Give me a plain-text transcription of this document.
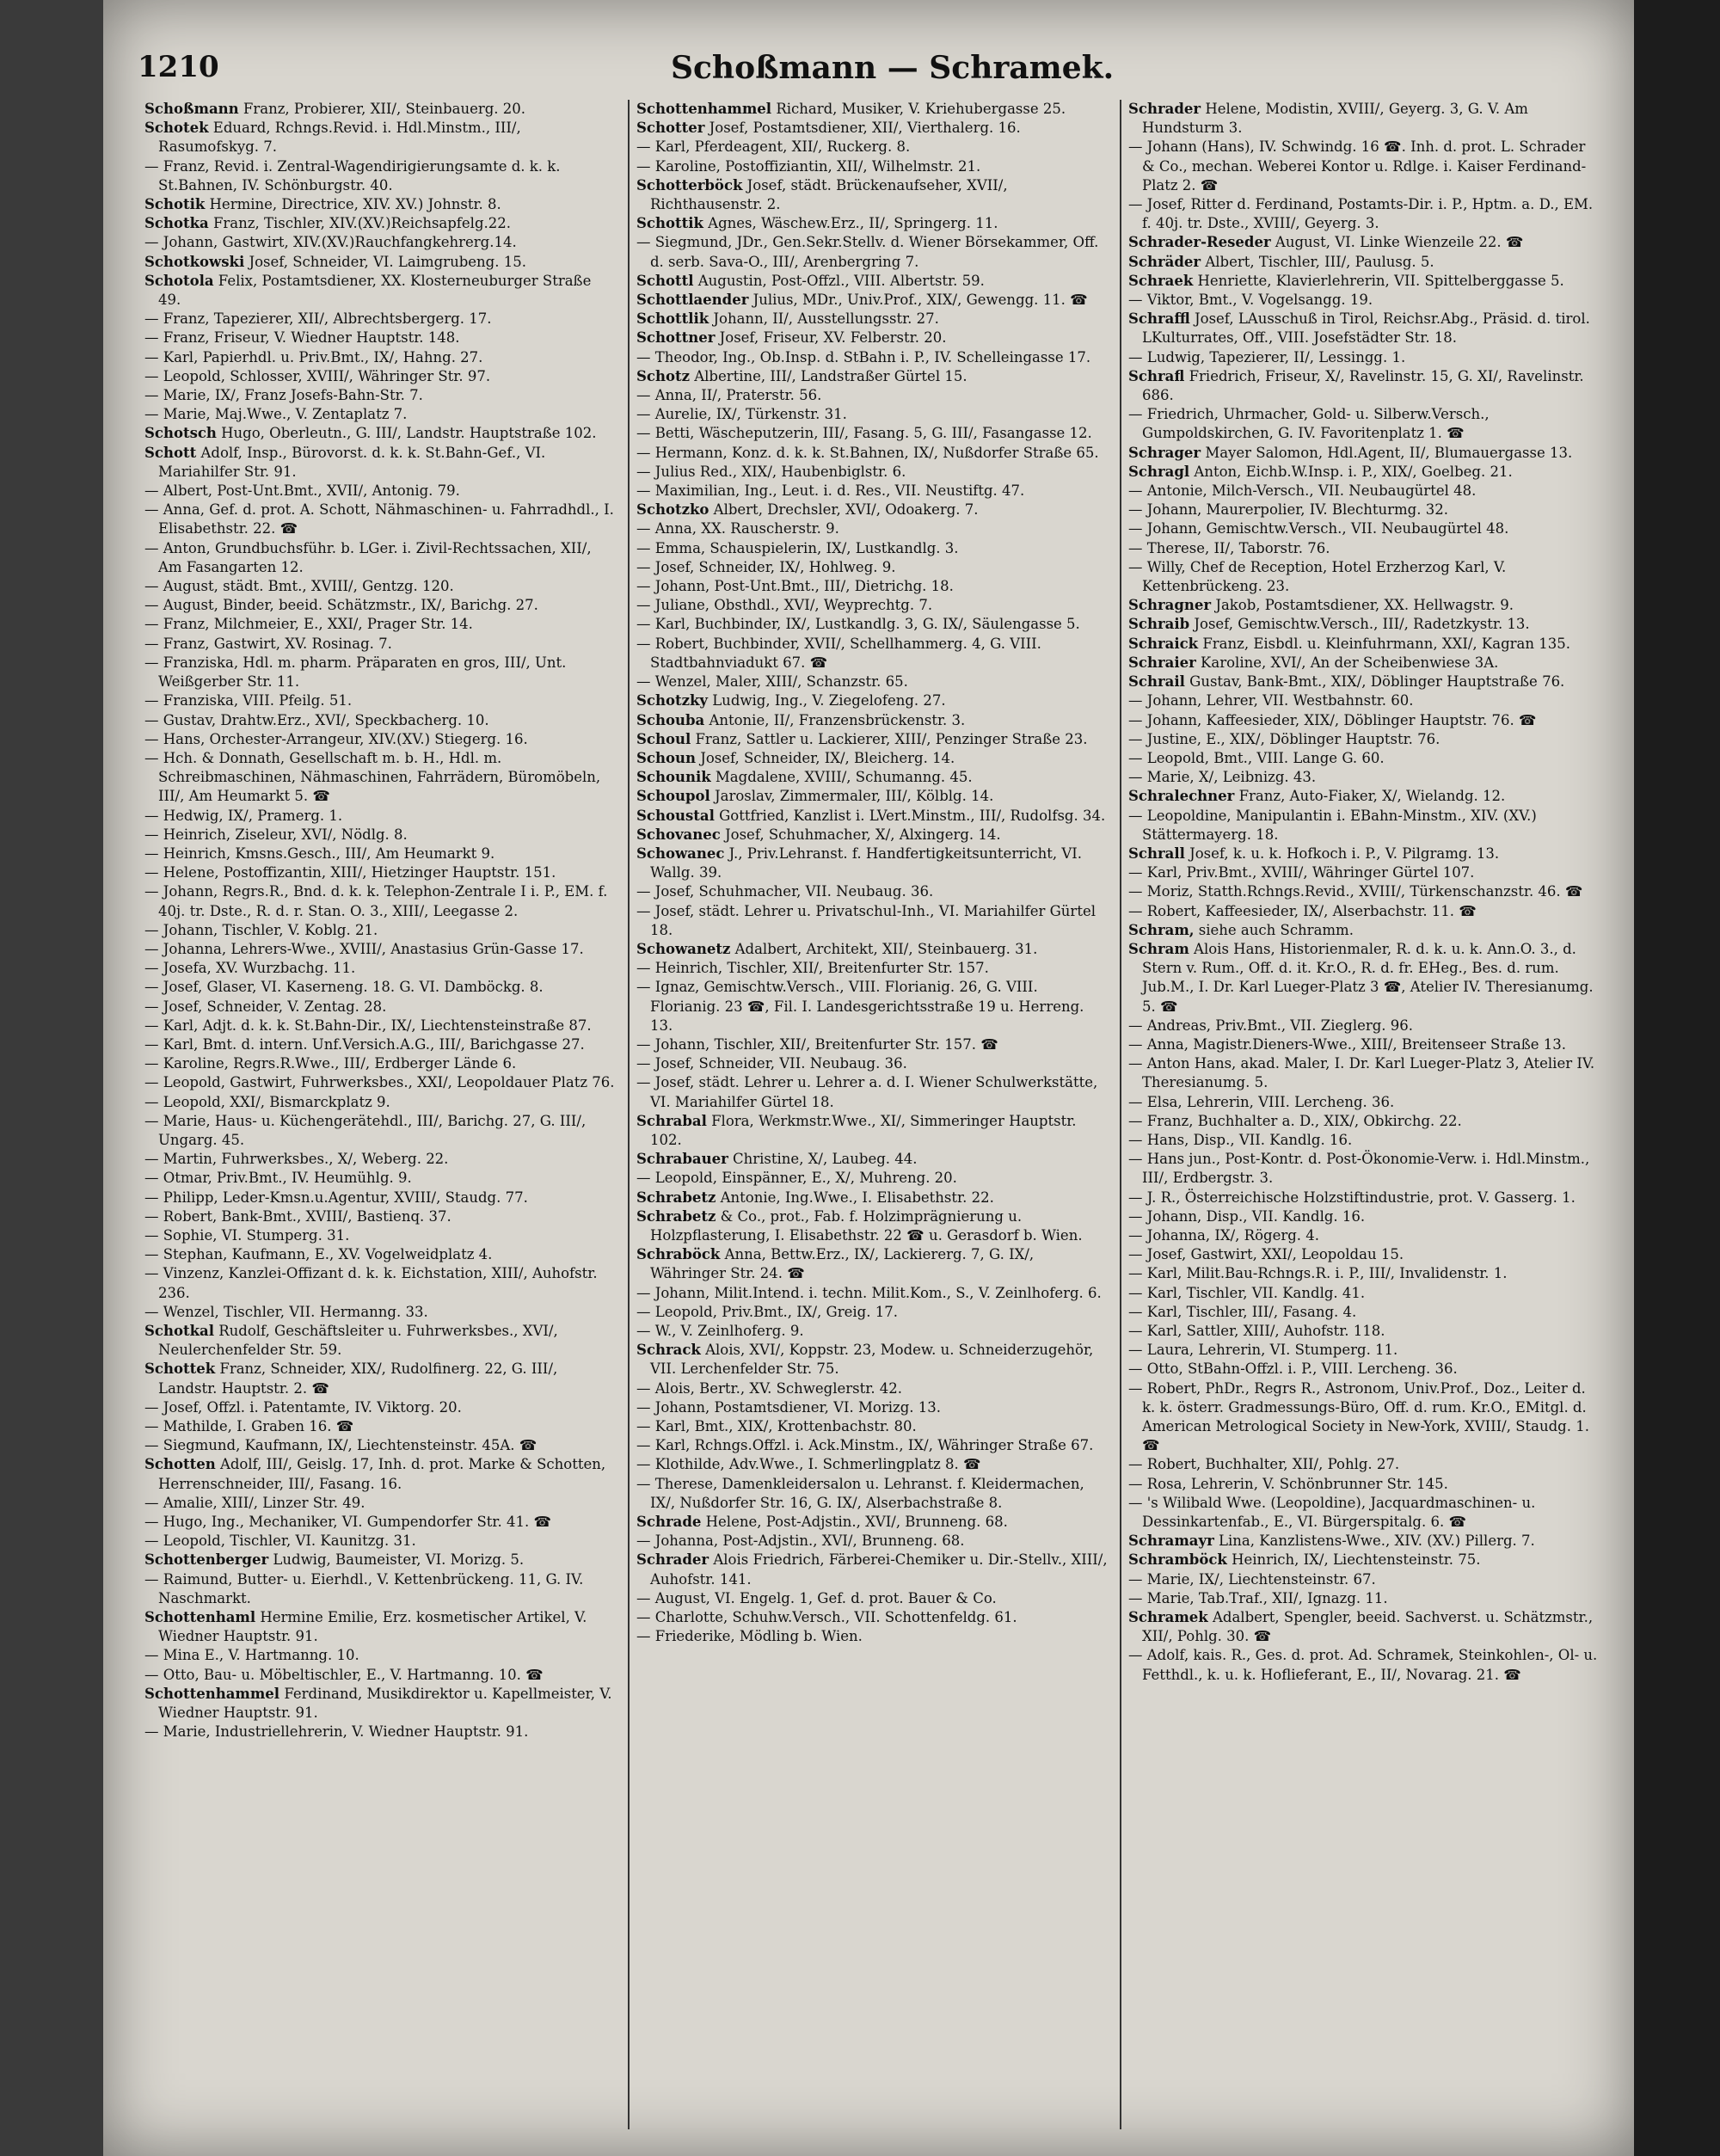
1210	Schoßmann — Schramek.

Schoßmann Franz, Probierer, XII/, Steinbauerg. 20.

Schotek Eduard, Rchngs.Revid. i. Hdl.Minstm., III/, Rasumofskyg. 7.

— Franz, Revid. i. Zentral-Wagendirigierungsamte d. k. k. St.Bahnen, IV. Schönburgstr. 40.

Schotik Hermine, Directrice, XIV. XV.) Johnstr. 8.

Schotka Franz, Tischler, XIV.(XV.)Reichsapfelg.22.

— Johann, Gastwirt, XIV.(XV.)Rauchfangkehrerg.14.

Schotkowski Josef, Schneider, VI. Laimgrubeng. 15.

Schotola Felix, Postamtsdiener, XX. Klosterneuburger Straße 49.

— Franz, Tapezierer, XII/, Albrechtsbergerg. 17.

— Franz, Friseur, V. Wiedner Hauptstr. 148.

— Karl, Papierhdl. u. Priv.Bmt., IX/, Hahng. 27.

— Leopold, Schlosser, XVIII/, Währinger Str. 97.

— Marie, IX/, Franz Josefs-Bahn-Str. 7.

— Marie, Maj.Wwe., V. Zentaplatz 7.

Schotsch Hugo, Oberleutn., G. III/, Landstr. Hauptstraße 102.

Schott Adolf, Insp., Bürovorst. d. k. k. St.Bahn-Gef., VI. Mariahilfer Str. 91.

— Albert, Post-Unt.Bmt., XVII/, Antonig. 79.

— Anna, Gef. d. prot. A. Schott, Nähmaschinen- u. Fahrradhdl., I. Elisabethstr. 22. ☎

— Anton, Grundbuchsführ. b. LGer. i. Zivil-Rechtssachen, XII/, Am Fasangarten 12.

— August, städt. Bmt., XVIII/, Gentzg. 120.

— August, Binder, beeid. Schätzmstr., IX/, Barichg. 27.

— Franz, Milchmeier, E., XXI/, Prager Str. 14.

— Franz, Gastwirt, XV. Rosinag. 7.

— Franziska, Hdl. m. pharm. Präparaten en gros, III/, Unt. Weißgerber Str. 11.

— Franziska, VIII. Pfeilg. 51.

— Gustav, Drahtw.Erz., XVI/, Speckbacherg. 10.

— Hans, Orchester-Arrangeur, XIV.(XV.) Stiegerg. 16.

— Hch. & Donnath, Gesellschaft m. b. H., Hdl. m. Schreibmaschinen, Nähmaschinen, Fahrrädern, Büromöbeln, III/, Am Heumarkt 5. ☎

— Hedwig, IX/, Pramerg. 1.

— Heinrich, Ziseleur, XVI/, Nödlg. 8.

— Heinrich, Kmsns.Gesch., III/, Am Heumarkt 9.

— Helene, Postoffizantin, XIII/, Hietzinger Hauptstr. 151.

— Johann, Regrs.R., Bnd. d. k. k. Telephon-Zentrale I i. P., EM. f. 40j. tr. Dste., R. d. r. Stan. O. 3., XIII/, Leegasse 2.

— Johann, Tischler, V. Koblg. 21.

— Johanna, Lehrers-Wwe., XVIII/, Anastasius Grün-Gasse 17.

— Josefa, XV. Wurzbachg. 11.

— Josef, Glaser, VI. Kaserneng. 18. G. VI. Damböckg. 8.

— Josef, Schneider, V. Zentag. 28.

— Karl, Adjt. d. k. k. St.Bahn-Dir., IX/, Liechtensteinstraße 87.

— Karl, Bmt. d. intern. Unf.Versich.A.G., III/, Barichgasse 27.

— Karoline, Regrs.R.Wwe., III/, Erdberger Lände 6.

— Leopold, Gastwirt, Fuhrwerksbes., XXI/, Leopoldauer Platz 76.

— Leopold, XXI/, Bismarckplatz 9.

— Marie, Haus- u. Küchengerätehdl., III/, Barichg. 27, G. III/, Ungarg. 45.

— Martin, Fuhrwerksbes., X/, Weberg. 22.

— Otmar, Priv.Bmt., IV. Heumühlg. 9.

— Philipp, Leder-Kmsn.u.Agentur, XVIII/, Staudg. 77.

— Robert, Bank-Bmt., XVIII/, Bastienq. 37.

— Sophie, VI. Stumperg. 31.

— Stephan, Kaufmann, E., XV. Vogelweidplatz 4.

— Vinzenz, Kanzlei-Offizant d. k. k. Eichstation, XIII/, Auhofstr. 236.

— Wenzel, Tischler, VII. Hermanng. 33.

Schotkal Rudolf, Geschäftsleiter u. Fuhrwerksbes., XVI/, Neulerchenfelder Str. 59.

Schottek Franz, Schneider, XIX/, Rudolfinerg. 22, G. III/, Landstr. Hauptstr. 2. ☎

— Josef, Offzl. i. Patentamte, IV. Viktorg. 20.

— Mathilde, I. Graben 16. ☎

— Siegmund, Kaufmann, IX/, Liechtensteinstr. 45A. ☎

Schotten Adolf, III/, Geislg. 17, Inh. d. prot. Marke & Schotten, Herrenschneider, III/, Fasang. 16.

— Amalie, XIII/, Linzer Str. 49.

— Hugo, Ing., Mechaniker, VI. Gumpendorfer Str. 41. ☎

— Leopold, Tischler, VI. Kaunitzg. 31.

Schottenberger Ludwig, Baumeister, VI. Morizg. 5.

— Raimund, Butter- u. Eierhdl., V. Kettenbrückeng. 11, G. IV. Naschmarkt.

Schottenhaml Hermine Emilie, Erz. kosmetischer Artikel, V. Wiedner Hauptstr. 91.

— Mina E., V. Hartmanng. 10.

— Otto, Bau- u. Möbeltischler, E., V. Hartmanng. 10. ☎

Schottenhammel Ferdinand, Musikdirektor u. Kapellmeister, V. Wiedner Hauptstr. 91.

— Marie, Industriellehrerin, V. Wiedner Hauptstr. 91.

Schottenhammel Richard, Musiker, V. Kriehubergasse 25.

Schotter Josef, Postamtsdiener, XII/, Vierthalerg. 16.

— Karl, Pferdeagent, XII/, Ruckerg. 8.

— Karoline, Postoffiziantin, XII/, Wilhelmstr. 21.

Schotterböck Josef, städt. Brückenaufseher, XVII/, Richthausenstr. 2.

Schottik Agnes, Wäschew.Erz., II/, Springerg. 11.

— Siegmund, JDr., Gen.Sekr.Stellv. d. Wiener Börsekammer, Off. d. serb. Sava-O., III/, Arenbergring 7.

Schottl Augustin, Post-Offzl., VIII. Albertstr. 59.

Schottlaender Julius, MDr., Univ.Prof., XIX/, Gewengg. 11. ☎

Schottlik Johann, II/, Ausstellungsstr. 27.

Schottner Josef, Friseur, XV. Felberstr. 20.

— Theodor, Ing., Ob.Insp. d. StBahn i. P., IV. Schelleingasse 17.

Schotz Albertine, III/, Landstraßer Gürtel 15.

— Anna, II/, Praterstr. 56.

— Aurelie, IX/, Türkenstr. 31.

— Betti, Wäscheputzerin, III/, Fasang. 5, G. III/, Fasangasse 12.

— Hermann, Konz. d. k. k. St.Bahnen, IX/, Nußdorfer Straße 65.

— Julius Red., XIX/, Haubenbiglstr. 6.

— Maximilian, Ing., Leut. i. d. Res., VII. Neustiftg. 47.

Schotzko Albert, Drechsler, XVI/, Odoakerg. 7.

— Anna, XX. Rauscherstr. 9.

— Emma, Schauspielerin, IX/, Lustkandlg. 3.

— Josef, Schneider, IX/, Hohlweg. 9.

— Johann, Post-Unt.Bmt., III/, Dietrichg. 18.

— Juliane, Obsthdl., XVI/, Weyprechtg. 7.

— Karl, Buchbinder, IX/, Lustkandlg. 3, G. IX/, Säulengasse 5.

— Robert, Buchbinder, XVII/, Schellhammerg. 4, G. VIII. Stadtbahnviadukt 67. ☎

— Wenzel, Maler, XIII/, Schanzstr. 65.

Schotzky Ludwig, Ing., V. Ziegelofeng. 27.

Schouba Antonie, II/, Franzensbrückenstr. 3.

Schoul Franz, Sattler u. Lackierer, XIII/, Penzinger Straße 23.

Schoun Josef, Schneider, IX/, Bleicherg. 14.

Schounik Magdalene, XVIII/, Schumanng. 45.

Schoupol Jaroslav, Zimmermaler, III/, Kölblg. 14.

Schoustal Gottfried, Kanzlist i. LVert.Minstm., III/, Rudolfsg. 34.

Schovanec Josef, Schuhmacher, X/, Alxingerg. 14.

Schowanec J., Priv.Lehranst. f. Handfertigkeitsunterricht, VI. Wallg. 39.

— Josef, Schuhmacher, VII. Neubaug. 36.

— Josef, städt. Lehrer u. Privatschul-Inh., VI. Mariahilfer Gürtel 18.

Schowanetz Adalbert, Architekt, XII/, Steinbauerg. 31.

— Heinrich, Tischler, XII/, Breitenfurter Str. 157.

— Ignaz, Gemischtw.Versch., VIII. Florianig. 26, G. VIII. Florianig. 23 ☎, Fil. I. Landesgerichtsstraße 19 u. Herreng. 13.

— Johann, Tischler, XII/, Breitenfurter Str. 157. ☎

— Josef, Schneider, VII. Neubaug. 36.

— Josef, städt. Lehrer u. Lehrer a. d. I. Wiener Schulwerkstätte, VI. Mariahilfer Gürtel 18.

Schrabal Flora, Werkmstr.Wwe., XI/, Simmeringer Hauptstr. 102.

Schrabauer Christine, X/, Laubeg. 44.

— Leopold, Einspänner, E., X/, Muhreng. 20.

Schrabetz Antonie, Ing.Wwe., I. Elisabethstr. 22.

Schrabetz & Co., prot., Fab. f. Holzimprägnierung u. Holzpflasterung, I. Elisabethstr. 22 ☎ u. Gerasdorf b. Wien.

Schraböck Anna, Bettw.Erz., IX/, Lackiererg. 7, G. IX/, Währinger Str. 24. ☎

— Johann, Milit.Intend. i. techn. Milit.Kom., S., V. Zeinlhoferg. 6.

— Leopold, Priv.Bmt., IX/, Greig. 17.

— W., V. Zeinlhoferg. 9.

Schrack Alois, XVI/, Koppstr. 23, Modew. u. Schneiderzugehör, VII. Lerchenfelder Str. 75.

— Alois, Bertr., XV. Schweglerstr. 42.

— Johann, Postamtsdiener, VI. Morizg. 13.

— Karl, Bmt., XIX/, Krottenbachstr. 80.

— Karl, Rchngs.Offzl. i. Ack.Minstm., IX/, Währinger Straße 67.

— Klothilde, Adv.Wwe., I. Schmerlingplatz 8. ☎

— Therese, Damenkleidersalon u. Lehranst. f. Kleidermachen, IX/, Nußdorfer Str. 16, G. IX/, Alserbachstraße 8.

Schrade Helene, Post-Adjstin., XVI/, Brunneng. 68.

— Johanna, Post-Adjstin., XVI/, Brunneng. 68.

Schrader Alois Friedrich, Färberei-Chemiker u. Dir.-Stellv., XIII/, Auhofstr. 141.

— August, VI. Engelg. 1, Gef. d. prot. Bauer & Co.

— Charlotte, Schuhw.Versch., VII. Schottenfeldg. 61.

— Friederike, Mödling b. Wien.

Schrader Helene, Modistin, XVIII/, Geyerg. 3, G. V. Am Hundsturm 3.

— Johann (Hans), IV. Schwindg. 16 ☎. Inh. d. prot. L. Schrader & Co., mechan. Weberei Kontor u. Rdlge. i. Kaiser Ferdinand-Platz 2. ☎

— Josef, Ritter d. Ferdinand, Postamts-Dir. i. P., Hptm. a. D., EM. f. 40j. tr. Dste., XVIII/, Geyerg. 3.

Schrader-Reseder August, VI. Linke Wienzeile 22. ☎

Schräder Albert, Tischler, III/, Paulusg. 5.

Schraek Henriette, Klavierlehrerin, VII. Spittelberggasse 5.

— Viktor, Bmt., V. Vogelsangg. 19.

Schraffl Josef, LAusschuß in Tirol, Reichsr.Abg., Präsid. d. tirol. LKulturrates, Off., VIII. Josefstädter Str. 18.

— Ludwig, Tapezierer, II/, Lessingg. 1.

Schrafl Friedrich, Friseur, X/, Ravelinstr. 15, G. XI/, Ravelinstr. 686.

— Friedrich, Uhrmacher, Gold- u. Silberw.Versch., Gumpoldskirchen, G. IV. Favoritenplatz 1. ☎

Schrager Mayer Salomon, Hdl.Agent, II/, Blumauergasse 13.

Schragl Anton, Eichb.W.Insp. i. P., XIX/, Goelbeg. 21.

— Antonie, Milch-Versch., VII. Neubaugürtel 48.

— Johann, Maurerpolier, IV. Blechturmg. 32.

— Johann, Gemischtw.Versch., VII. Neubaugürtel 48.

— Therese, II/, Taborstr. 76.

— Willy, Chef de Reception, Hotel Erzherzog Karl, V. Kettenbrückeng. 23.

Schragner Jakob, Postamtsdiener, XX. Hellwagstr. 9.

Schraib Josef, Gemischtw.Versch., III/, Radetzkystr. 13.

Schraick Franz, Eisbdl. u. Kleinfuhrmann, XXI/, Kagran 135.

Schraier Karoline, XVI/, An der Scheibenwiese 3A.

Schrail Gustav, Bank-Bmt., XIX/, Döblinger Hauptstraße 76.

— Johann, Lehrer, VII. Westbahnstr. 60.

— Johann, Kaffeesieder, XIX/, Döblinger Hauptstr. 76. ☎

— Justine, E., XIX/, Döblinger Hauptstr. 76.

— Leopold, Bmt., VIII. Lange G. 60.

— Marie, X/, Leibnizg. 43.

Schralechner Franz, Auto-Fiaker, X/, Wielandg. 12.

— Leopoldine, Manipulantin i. EBahn-Minstm., XIV. (XV.) Stättermayerg. 18.

Schrall Josef, k. u. k. Hofkoch i. P., V. Pilgramg. 13.

— Karl, Priv.Bmt., XVIII/, Währinger Gürtel 107.

— Moriz, Statth.Rchngs.Revid., XVIII/, Türkenschanzstr. 46. ☎

— Robert, Kaffeesieder, IX/, Alserbachstr. 11. ☎

Schram, siehe auch Schramm.

Schram Alois Hans, Historienmaler, R. d. k. u. k. Ann.O. 3., d. Stern v. Rum., Off. d. it. Kr.O., R. d. fr. EHeg., Bes. d. rum. Jub.M., I. Dr. Karl Lueger-Platz 3 ☎, Atelier IV. Theresianumg. 5. ☎

— Andreas, Priv.Bmt., VII. Zieglerg. 96.

— Anna, Magistr.Dieners-Wwe., XIII/, Breitenseer Straße 13.

— Anton Hans, akad. Maler, I. Dr. Karl Lueger-Platz 3, Atelier IV. Theresianumg. 5.

— Elsa, Lehrerin, VIII. Lercheng. 36.

— Franz, Buchhalter a. D., XIX/, Obkirchg. 22.

— Hans, Disp., VII. Kandlg. 16.

— Hans jun., Post-Kontr. d. Post-Ökonomie-Verw. i. Hdl.Minstm., III/, Erdbergstr. 3.

— J. R., Österreichische Holzstiftindustrie, prot. V. Gasserg. 1.

— Johann, Disp., VII. Kandlg. 16.

— Johanna, IX/, Rögerg. 4.

— Josef, Gastwirt, XXI/, Leopoldau 15.

— Karl, Milit.Bau-Rchngs.R. i. P., III/, Invalidenstr. 1.

— Karl, Tischler, VII. Kandlg. 41.

— Karl, Tischler, III/, Fasang. 4.

— Karl, Sattler, XIII/, Auhofstr. 118.

— Laura, Lehrerin, VI. Stumperg. 11.

— Otto, StBahn-Offzl. i. P., VIII. Lercheng. 36.

— Robert, PhDr., Regrs R., Astronom, Univ.Prof., Doz., Leiter d. k. k. österr. Gradmessungs-Büro, Off. d. rum. Kr.O., EMitgl. d. American Metrological Society in New-York, XVIII/, Staudg. 1. ☎

— Robert, Buchhalter, XII/, Pohlg. 27.

— Rosa, Lehrerin, V. Schönbrunner Str. 145.

— 's Wilibald Wwe. (Leopoldine), Jacquardmaschinen- u. Dessinkartenfab., E., VI. Bürgerspitalg. 6. ☎

Schramayr Lina, Kanzlistens-Wwe., XIV. (XV.) Pillerg. 7.

Schramböck Heinrich, IX/, Liechtensteinstr. 75.

— Marie, IX/, Liechtensteinstr. 67.

— Marie, Tab.Traf., XII/, Ignazg. 11.

Schramek Adalbert, Spengler, beeid. Sachverst. u. Schätzmstr., XII/, Pohlg. 30. ☎

— Adolf, kais. R., Ges. d. prot. Ad. Schramek, Steinkohlen-, Ol- u. Fetthdl., k. u. k. Hoflieferant, E., II/, Novarag. 21. ☎
